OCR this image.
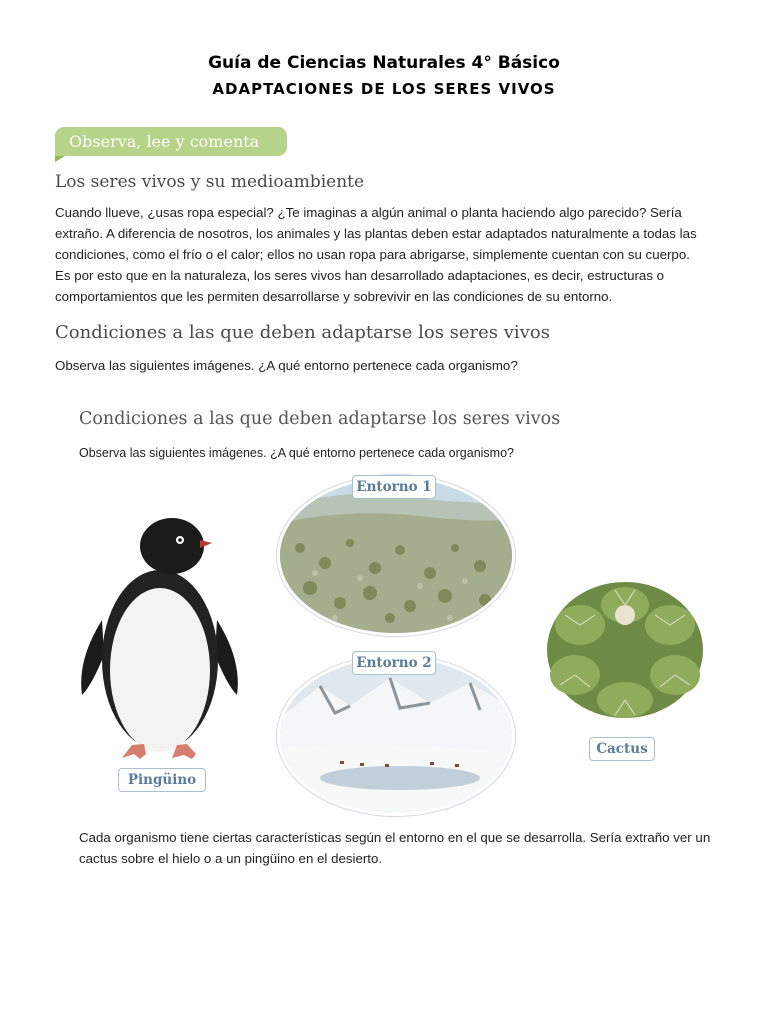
Guía de Ciencias Naturales 4° Básico
ADAPTACIONES DE LOS SERES VIVOS
Observa, lee y comenta
Los seres vivos y su medioambiente
Cuando llueve, ¿usas ropa especial? ¿Te imaginas a algún animal o planta haciendo algo parecido? Sería extraño. A diferencia de nosotros, los animales y las plantas deben estar adaptados naturalmente a todas las condiciones, como el frío o el calor; ellos no usan ropa para abrigarse, simplemente cuentan con su cuerpo.
Es por esto que en la naturaleza, los seres vivos han desarrollado adaptaciones, es decir, estructuras o comportamientos que les permiten desarrollarse y sobrevivir en las condiciones de su entorno.
Condiciones a las que deben adaptarse los seres vivos
Observa las siguientes imágenes. ¿A qué entorno pertenece cada organismo?
Condiciones a las que deben adaptarse los seres vivos
Observa las siguientes imágenes. ¿A qué entorno pertenece cada organismo?
Entorno 1
Entorno 2
Pingüino
Cactus
Cada organismo tiene ciertas características según el entorno en el que se desarrolla. Sería extraño ver un cactus sobre el hielo o a un pingüino en el desierto.
